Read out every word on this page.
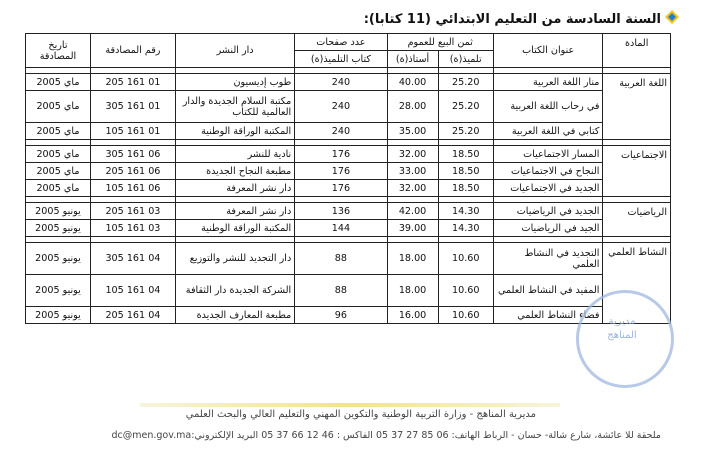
السنة السادسة من التعليم الابتدائي (11 كتابا):
المادة	عنوان الكتاب	ثمن البيع للعموم		عدد صفحات	دار النشر	رقم المصادقة	تاريخ المصادقة
		تلميذ(ة)	أستاذ(ة)	كتاب التلميذ(ة)			

اللغة العربية	منار اللغة العربية	25.20	40.00	240	طوب إديسيون	01 161 205	ماي 2005
	في رحاب اللغة العربية	25.20	28.00	240	مكتبة السلام الجديدة والدار العالمية للكتاب	01 161 305	ماي 2005
	كتابي في اللغة العربية	25.20	35.00	240	المكتبة الوراقة الوطنية	01 161 105	ماي 2005

الاجتماعيات	المسار الاجتماعيات	18.50	32.00	176	نادية للنشر	06 161 305	ماي 2005
	النجاح في الاجتماعيات	18.50	33.00	176	مطبعة النجاح الجديدة	06 161 205	ماي 2005
	الجديد في الاجتماعيات	18.50	32.00	176	دار نشر المعرفة	06 161 105	ماي 2005

الرياضيات	الجديد في الرياضيات	14.30	42.00	136	دار نشر المعرفة	03 161 205	يونيو 2005
	الجيد في الرياضيات	14.30	39.00	144	المكتبة الوراقة الوطنية	03 161 105	يونيو 2005

النشاط العلمي	التجديد في النشاط العلمي	10.60	18.00	88	دار التجديد للنشر والتوزيع	04 161 305	يونيو 2005
	المفيد في النشاط العلمي	10.60	18.00	88	الشركة الجديدة دار الثقافة	04 161 105	يونيو 2005
	فضاء النشاط العلمي	10.60	16.00	96	مطبعة المعارف الجديدة	04 161 205	يونيو 2005
مديرية المناهج
مديرية المناهج - وزارة التربية الوطنية والتكوين المهني والتعليم العالي والبحث العلمي
ملحقة للا عائشة، شارع شالة- حسان - الرباط الهاتف: 06 85 27 37 05 الفاكس : 46 12 66 37 05 البريد الإلكتروني:dc@men.gov.ma
